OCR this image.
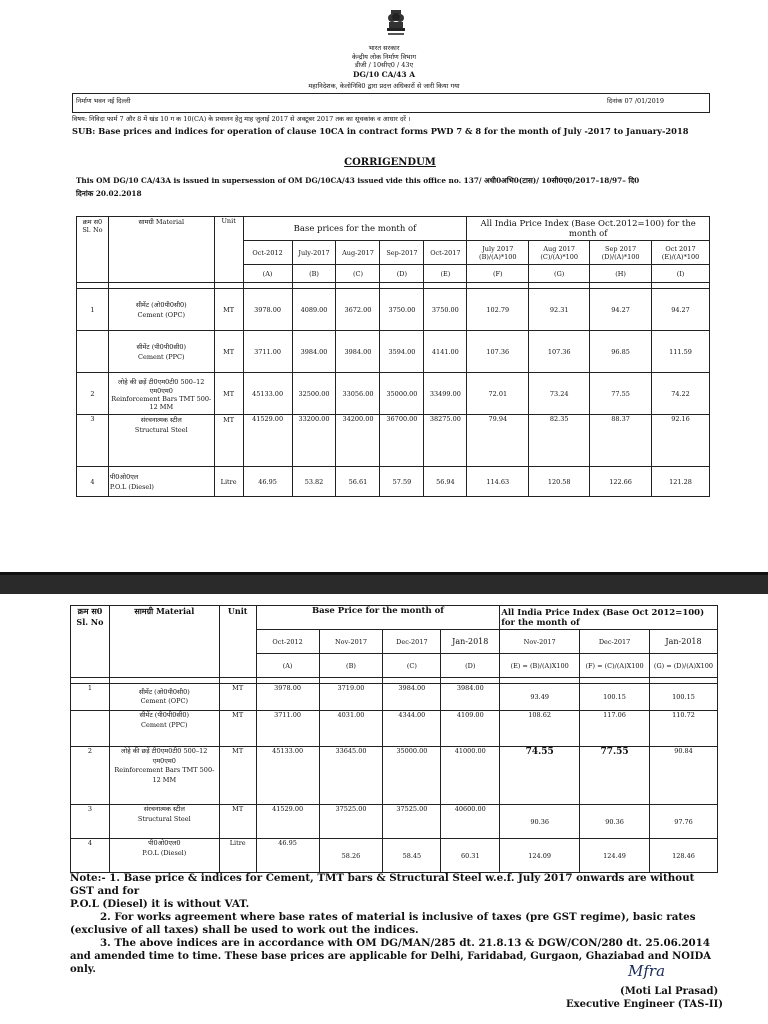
भारत सरकार
केन्द्रीय लोक निर्माण विभाग
डीजी / 10सीए0 / 43ए
DG/10 CA/43 A
महानिदेशक, केलोनिवि0 द्वारा प्रदत्त अधिकारों से जारी किया गया
निर्माण भवन नई दिल्ली	दिनांक 07 /01/2019
विषय: निविदा फार्म 7 और 8 में खंड 10 ग क 10(CA) के प्रचालन हेतु माह जुलाई 2017 से अक्टूबर 2017 तक का सूचकांक व आधार दरें ।
SUB: Base prices and indices for operation of clause 10CA in contract forms PWD 7 & 8 for the month of July -2017 to January-2018
CORRIGENDUM
This OM DG/10 CA/43A is issued in supersession of OM DG/10CA/43 issued vide this office no. 137/ अधी0अभि0(टास)/ 10सी0ए0/2017–18/97– दि0
दिनांक 20.02.2018
क्रम स0 Sl. No	सामग्री Material	Unit	Base prices for the month of					All India Price Index (Base Oct.2012=100) for the month of			
			Oct-2012	July-2017	Aug-2017	Sep-2017	Oct-2017	July 2017 (B)/(A)*100	Aug 2017 (C)/(A)*100	Sep 2017 (D)/(A)*100	Oct 2017 (E)/(A)*100
			(A)	(B)	(C)	(D)	(E)	(F)	(G)	(H)	(I)

1	सीमेंट (ओ0पी0सी0)
Cement (OPC)	MT	3978.00	4089.00	3672.00	3750.00	3750.00	102.79	92.31	94.27	94.27

	सीमेंट (पी0पी0सी0)
Cement (PPC)	MT	3711.00	3984.00	3984.00	3594.00	4141.00	107.36	107.36	96.85	111.59
2	लोहे की छड़ें टी0एम0टी0 500–12 एम0एम0
Reinforcement Bars TMT 500-12 MM	MT	45133.00	32500.00	33056.00	35000.00	33499.00	72.01	73.24	77.55	74.22
3	संरचनात्मक स्टील
Structural Steel	MT	41529.00	33200.00	34200.00	36700.00	38275.00	79.94	82.35	88.37	92.16
4	पी0ओ0एल
P.O.L (Diesel)	Litre	46.95	53.82	56.61	57.59	56.94	114.63	120.58	122.66	121.28
क्रम स0 Sl. No	सामग्री Material	Unit	Base Price for the month of				All India Price Index (Base Oct 2012=100) for the month of		
			Oct-2012	Nov-2017	Dec-2017	Jan-2018	Nov-2017	Dec-2017	Jan-2018
			(A)	(B)	(C)	(D)	(E) = (B)/(A)X100	(F) = (C)/(A)X100	(G) = (D)/(A)X100

1	सीमेंट (ओ0पी0सी0)
Cement (OPC)	MT	3978.00	3719.00	3984.00	3984.00	93.49	100.15	100.15

	सीमेंट (पी0पी0सी0)
Cement (PPC)	MT	3711.00	4031.00	4344.00	4109.00	108.62	117.06	110.72
2	लोहे की छड़ें टी0एम0टी0 500–12 एम0एम0
Reinforcement Bars TMT 500-12 MM	MT	45133.00	33645.00	35000.00	41000.00	74.55	77.55	90.84
3	संरचनात्मक स्टील
Structural Steel	MT	41529.00	37525.00	37525.00	40600.00	90.36	90.36	97.76
4	पी0ओ0एल0
P.O.L (Diesel)	Litre	46.95	58.26	58.45	60.31	124.09	124.49	128.46
Note:- 1. Base price & indices for Cement, TMT bars & Structural Steel w.e.f. July 2017 onwards are without GST and for
P.O.L (Diesel) it is without VAT.
2. For works agreement where base rates of material is inclusive of taxes (pre GST regime), basic rates
(exclusive of all taxes) shall be used to work out the indices.
3. The above indices are in accordance with OM DG/MAN/285 dt. 21.8.13 & DGW/CON/280 dt. 25.06.2014
and amended time to time. These base prices are applicable for Delhi, Faridabad, Gurgaon, Ghaziabad and NOIDA only.	Mfra
(Moti Lal Prasad)
Executive Engineer (TAS-II)
